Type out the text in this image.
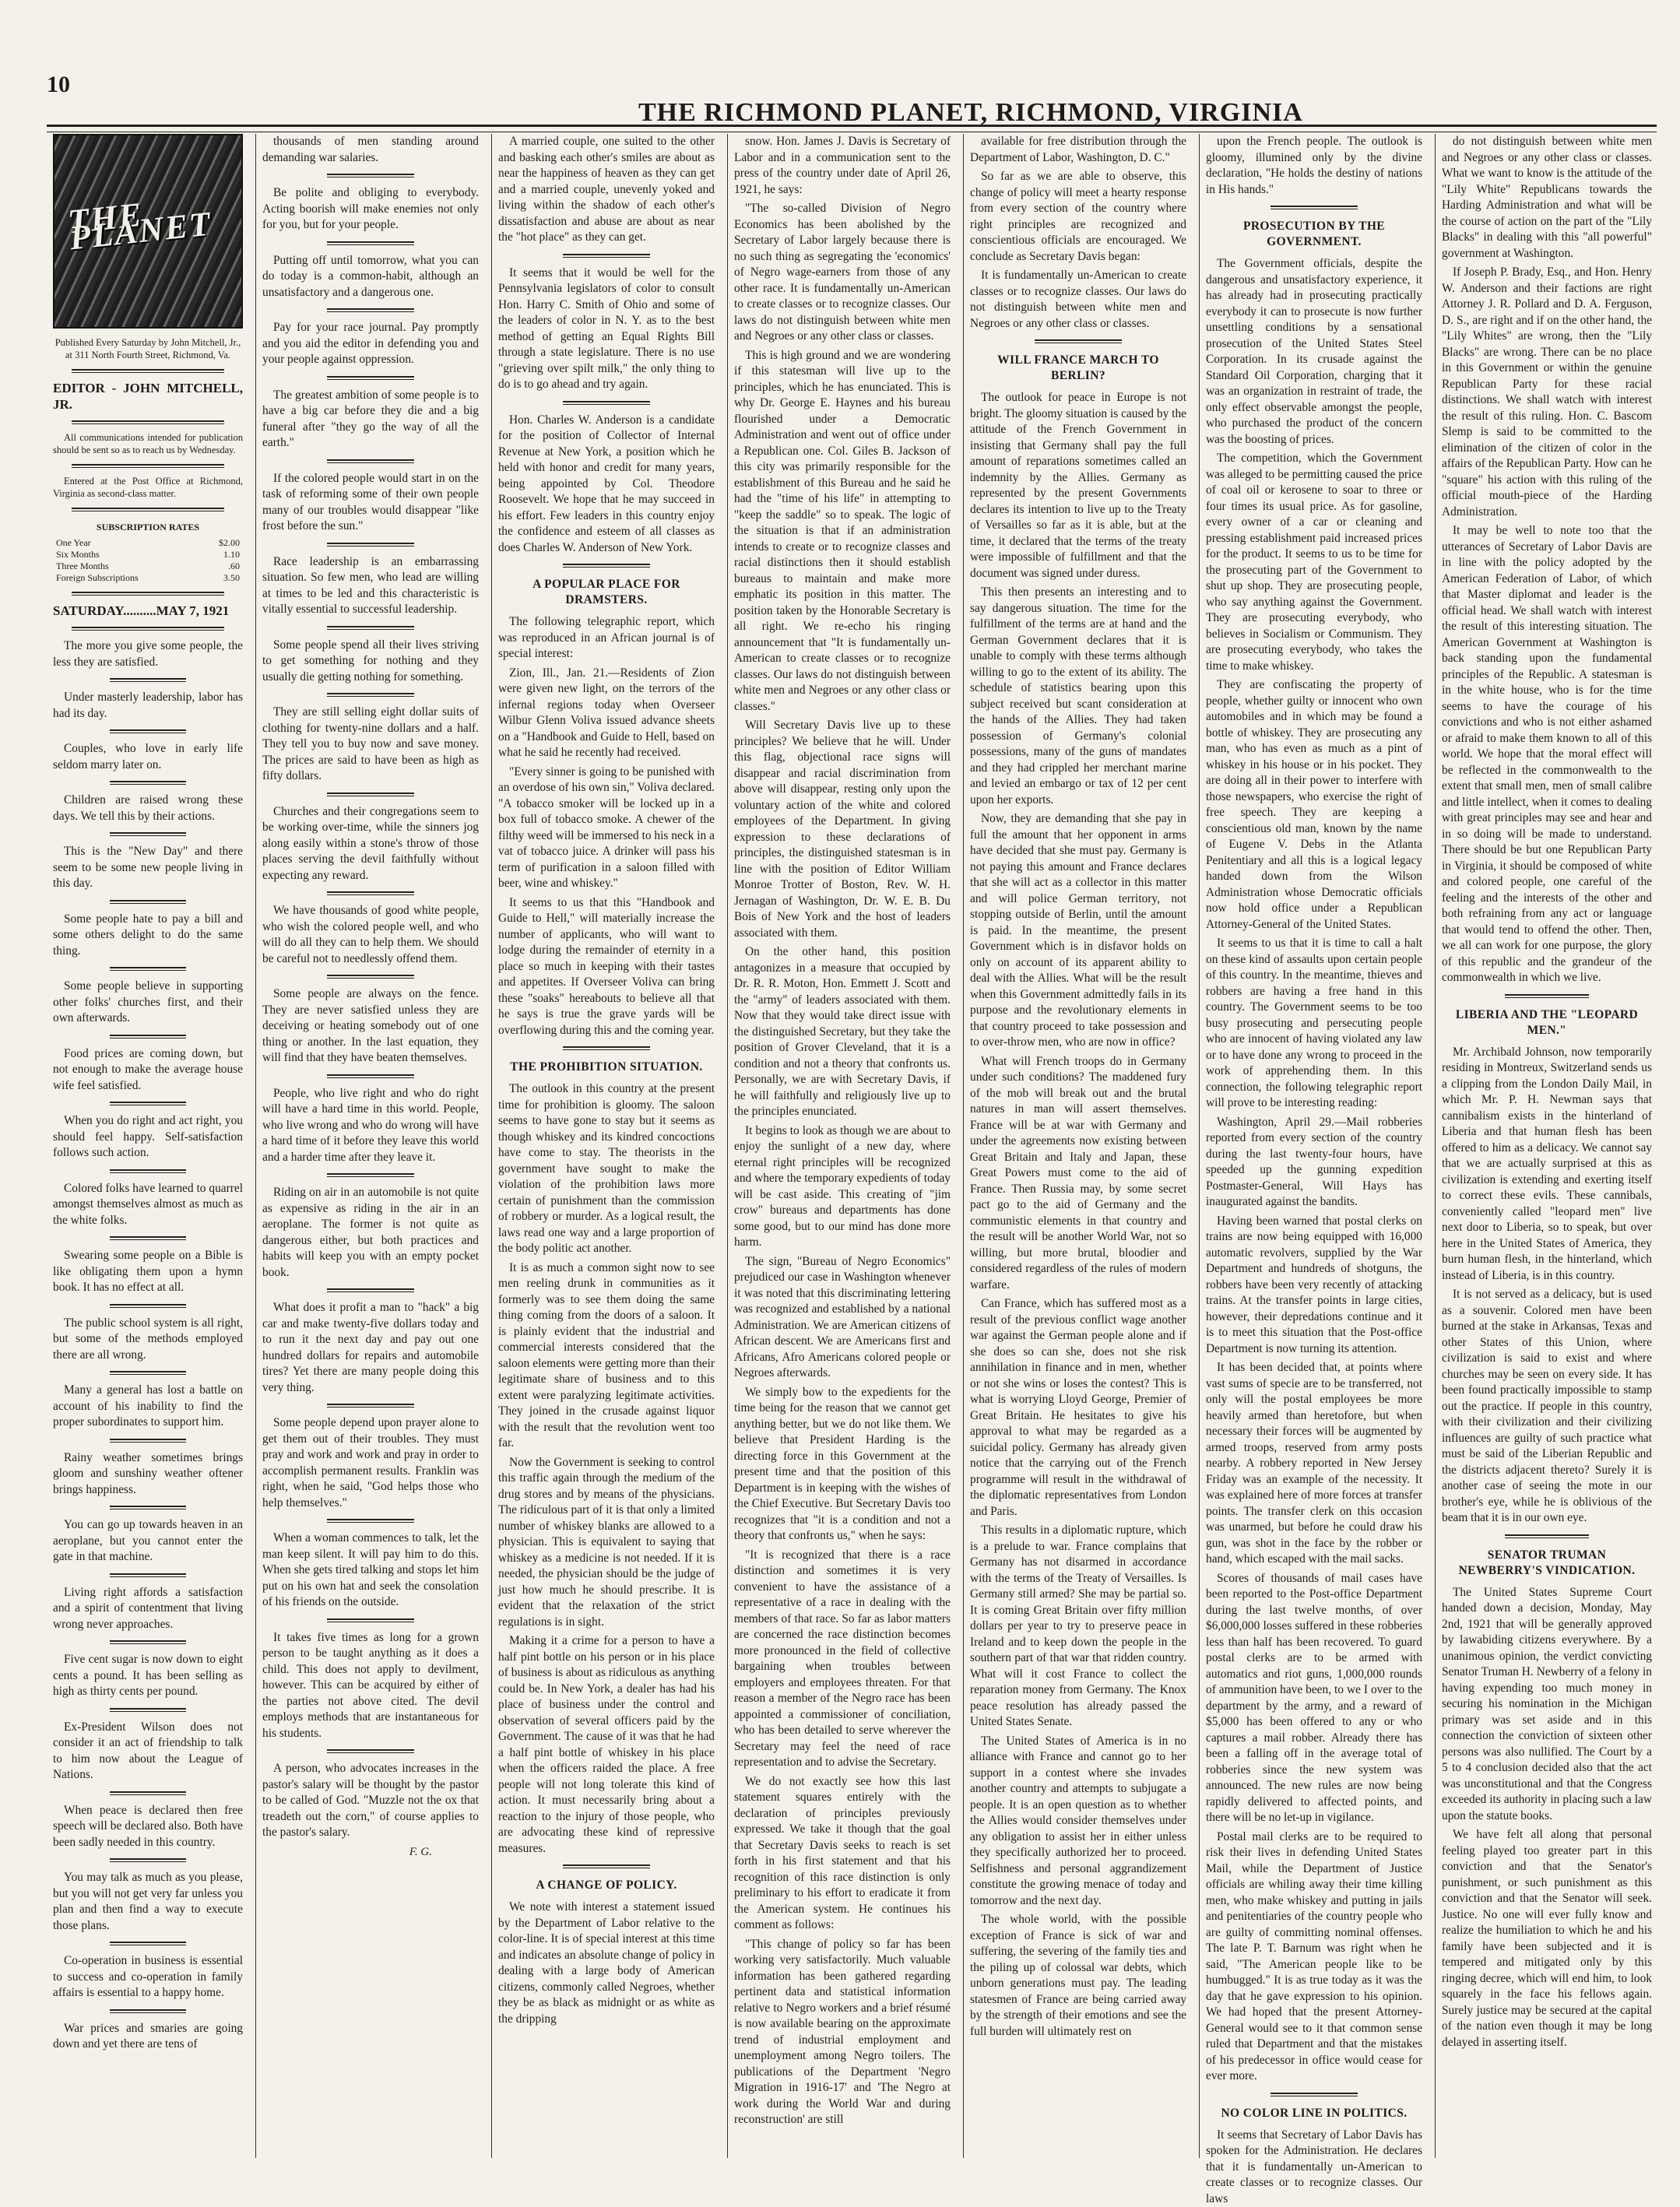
10
THE RICHMOND PLANET, RICHMOND, VIRGINIA
THE PLANET
Published Every Saturday by John Mitchell, Jr., at 311 North Fourth Street, Richmond, Va.
EDITOR - JOHN MITCHELL, JR.

All communications intended for publication should be sent so as to reach us by Wednesday.

Entered at the Post Office at Richmond, Virginia as second-class matter.

SUBSCRIPTION RATES
One Year	$2.00
Six Months	1.10
Three Months	.60
Foreign Subscriptions	3.50
SATURDAY..........MAY 7, 1921

The more you give some people, the less they are satisfied.

Under masterly leadership, labor has had its day.

Couples, who love in early life seldom marry later on.

Children are raised wrong these days. We tell this by their actions.

This is the "New Day" and there seem to be some new people living in this day.

Some people hate to pay a bill and some others delight to do the same thing.

Some people believe in supporting other folks' churches first, and their own afterwards.

Food prices are coming down, but not enough to make the average house wife feel satisfied.

When you do right and act right, you should feel happy. Self-satisfaction follows such action.

Colored folks have learned to quarrel amongst themselves almost as much as the white folks.

Swearing some people on a Bible is like obligating them upon a hymn book. It has no effect at all.

The public school system is all right, but some of the methods employed there are all wrong.

Many a general has lost a battle on account of his inability to find the proper subordinates to support him.

Rainy weather sometimes brings gloom and sunshiny weather oftener brings happiness.

You can go up towards heaven in an aeroplane, but you cannot enter the gate in that machine.

Living right affords a satisfaction and a spirit of contentment that living wrong never approaches.

Five cent sugar is now down to eight cents a pound. It has been selling as high as thirty cents per pound.

Ex-President Wilson does not consider it an act of friendship to talk to him now about the League of Nations.

When peace is declared then free speech will be declared also. Both have been sadly needed in this country.

You may talk as much as you please, but you will not get very far unless you plan and then find a way to execute those plans.

Co-operation in business is essential to success and co-operation in family affairs is essential to a happy home.

War prices and smaries are going down and yet there are tens of

thousands of men standing around demanding war salaries.

Be polite and obliging to everybody. Acting boorish will make enemies not only for you, but for your people.

Putting off until tomorrow, what you can do today is a common-habit, although an unsatisfactory and a dangerous one.

Pay for your race journal. Pay promptly and you aid the editor in defending you and your people against oppression.

The greatest ambition of some people is to have a big car before they die and a big funeral after "they go the way of all the earth."

If the colored people would start in on the task of reforming some of their own people many of our troubles would disappear "like frost before the sun."

Race leadership is an embarrassing situation. So few men, who lead are willing at times to be led and this characteristic is vitally essential to successful leadership.

Some people spend all their lives striving to get something for nothing and they usually die getting nothing for something.

They are still selling eight dollar suits of clothing for twenty-nine dollars and a half. They tell you to buy now and save money. The prices are said to have been as high as fifty dollars.

Churches and their congregations seem to be working over-time, while the sinners jog along easily within a stone's throw of those places serving the devil faithfully without expecting any reward.

We have thousands of good white people, who wish the colored people well, and who will do all they can to help them. We should be careful not to needlessly offend them.

Some people are always on the fence. They are never satisfied unless they are deceiving or heating somebody out of one thing or another. In the last equation, they will find that they have beaten themselves.

People, who live right and who do right will have a hard time in this world. People, who live wrong and who do wrong will have a hard time of it before they leave this world and a harder time after they leave it.

Riding on air in an automobile is not quite as expensive as riding in the air in an aeroplane. The former is not quite as dangerous either, but both practices and habits will keep you with an empty pocket book.

What does it profit a man to "hack" a big car and make twenty-five dollars today and to run it the next day and pay out one hundred dollars for repairs and automobile tires? Yet there are many people doing this very thing.

Some people depend upon prayer alone to get them out of their troubles. They must pray and work and work and pray in order to accomplish permanent results. Franklin was right, when he said, "God helps those who help themselves."

When a woman commences to talk, let the man keep silent. It will pay him to do this. When she gets tired talking and stops let him put on his own hat and seek the consolation of his friends on the outside.

It takes five times as long for a grown person to be taught anything as it does a child. This does not apply to devilment, however. This can be acquired by either of the parties not above cited. The devil employs methods that are instantaneous for his students.

A person, who advocates increases in the pastor's salary will be thought by the pastor to be called of God. "Muzzle not the ox that treadeth out the corn," of course applies to the pastor's salary.

F. G.

A married couple, one suited to the other and basking each other's smiles are about as near the happiness of heaven as they can get and a married couple, unevenly yoked and living within the shadow of each other's dissatisfaction and abuse are about as near the "hot place" as they can get.

It seems that it would be well for the Pennsylvania legislators of color to consult Hon. Harry C. Smith of Ohio and some of the leaders of color in N. Y. as to the best method of getting an Equal Rights Bill through a state legislature. There is no use "grieving over spilt milk," the only thing to do is to go ahead and try again.

Hon. Charles W. Anderson is a candidate for the position of Collector of Internal Revenue at New York, a position which he held with honor and credit for many years, being appointed by Col. Theodore Roosevelt. We hope that he may succeed in his effort. Few leaders in this country enjoy the confidence and esteem of all classes as does Charles W. Anderson of New York.

A POPULAR PLACE FOR DRAMSTERS.

The following telegraphic report, which was reproduced in an African journal is of special interest:

Zion, Ill., Jan. 21.—Residents of Zion were given new light, on the terrors of the infernal regions today when Overseer Wilbur Glenn Voliva issued advance sheets on a "Handbook and Guide to Hell, based on what he said he recently had received.

"Every sinner is going to be punished with an overdose of his own sin," Voliva declared. "A tobacco smoker will be locked up in a box full of tobacco smoke. A chewer of the filthy weed will be immersed to his neck in a vat of tobacco juice. A drinker will pass his term of purification in a saloon filled with beer, wine and whiskey."

It seems to us that this "Handbook and Guide to Hell," will materially increase the number of applicants, who will want to lodge during the remainder of eternity in a place so much in keeping with their tastes and appetites. If Overseer Voliva can bring these "soaks" hereabouts to believe all that he says is true the grave yards will be overflowing during this and the coming year.

THE PROHIBITION SITUATION.

The outlook in this country at the present time for prohibition is gloomy. The saloon seems to have gone to stay but it seems as though whiskey and its kindred concoctions have come to stay. The theorists in the government have sought to make the violation of the prohibition laws more certain of punishment than the commission of robbery or murder. As a logical result, the laws read one way and a large proportion of the body politic act another.

It is as much a common sight now to see men reeling drunk in communities as it formerly was to see them doing the same thing coming from the doors of a saloon. It is plainly evident that the industrial and commercial interests considered that the saloon elements were getting more than their legitimate share of business and to this extent were paralyzing legitimate activities. They joined in the crusade against liquor with the result that the revolution went too far.

Now the Government is seeking to control this traffic again through the medium of the drug stores and by means of the physicians. The ridiculous part of it is that only a limited number of whiskey blanks are allowed to a physician. This is equivalent to saying that whiskey as a medicine is not needed. If it is needed, the physician should be the judge of just how much he should prescribe. It is evident that the relaxation of the strict regulations is in sight.

Making it a crime for a person to have a half pint bottle on his person or in his place of business is about as ridiculous as anything could be. In New York, a dealer has had his place of business under the control and observation of several officers paid by the Government. The cause of it was that he had a half pint bottle of whiskey in his place when the officers raided the place. A free people will not long tolerate this kind of action. It must necessarily bring about a reaction to the injury of those people, who are advocating these kind of repressive measures.

A CHANGE OF POLICY.

We note with interest a statement issued by the Department of Labor relative to the color-line. It is of special interest at this time and indicates an absolute change of policy in dealing with a large body of American citizens, commonly called Negroes, whether they be as black as midnight or as white as the dripping

snow. Hon. James J. Davis is Secretary of Labor and in a communication sent to the press of the country under date of April 26, 1921, he says:

"The so-called Division of Negro Economics has been abolished by the Secretary of Labor largely because there is no such thing as segregating the 'economics' of Negro wage-earners from those of any other race. It is fundamentally un-American to create classes or to recognize classes. Our laws do not distinguish between white men and Negroes or any other class or classes.

This is high ground and we are wondering if this statesman will live up to the principles, which he has enunciated. This is why Dr. George E. Haynes and his bureau flourished under a Democratic Administration and went out of office under a Republican one. Col. Giles B. Jackson of this city was primarily responsible for the establishment of this Bureau and he said he had the "time of his life" in attempting to "keep the saddle" so to speak. The logic of the situation is that if an administration intends to create or to recognize classes and racial distinctions then it should establish bureaus to maintain and make more emphatic its position in this matter. The position taken by the Honorable Secretary is all right. We re-echo his ringing announcement that "It is fundamentally un-American to create classes or to recognize classes. Our laws do not distinguish between white men and Negroes or any other class or classes."

Will Secretary Davis live up to these principles? We believe that he will. Under this flag, objectional race signs will disappear and racial discrimination from above will disappear, resting only upon the voluntary action of the white and colored employees of the Department. In giving expression to these declarations of principles, the distinguished statesman is in line with the position of Editor William Monroe Trotter of Boston, Rev. W. H. Jernagan of Washington, Dr. W. E. B. Du Bois of New York and the host of leaders associated with them.

On the other hand, this position antagonizes in a measure that occupied by Dr. R. R. Moton, Hon. Emmett J. Scott and the "army" of leaders associated with them. Now that they would take direct issue with the distinguished Secretary, but they take the position of Grover Cleveland, that it is a condition and not a theory that confronts us. Personally, we are with Secretary Davis, if he will faithfully and religiously live up to the principles enunciated.

It begins to look as though we are about to enjoy the sunlight of a new day, where eternal right principles will be recognized and where the temporary expedients of today will be cast aside. This creating of "jim crow" bureaus and departments has done some good, but to our mind has done more harm.

The sign, "Bureau of Negro Economics" prejudiced our case in Washington whenever it was noted that this discriminating lettering was recognized and established by a national Administration. We are American citizens of African descent. We are Americans first and Africans, Afro Americans colored people or Negroes afterwards.

We simply bow to the expedients for the time being for the reason that we cannot get anything better, but we do not like them. We believe that President Harding is the directing force in this Government at the present time and that the position of this Department is in keeping with the wishes of the Chief Executive. But Secretary Davis too recognizes that "it is a condition and not a theory that confronts us," when he says:

"It is recognized that there is a race distinction and sometimes it is very convenient to have the assistance of a representative of a race in dealing with the members of that race. So far as labor matters are concerned the race distinction becomes more pronounced in the field of collective bargaining when troubles between employers and employees threaten. For that reason a member of the Negro race has been appointed a commissioner of conciliation, who has been detailed to serve wherever the Secretary may feel the need of race representation and to advise the Secretary.

We do not exactly see how this last statement squares entirely with the declaration of principles previously expressed. We take it though that the goal that Secretary Davis seeks to reach is set forth in his first statement and that his recognition of this race distinction is only preliminary to his effort to eradicate it from the American system. He continues his comment as follows:

"This change of policy so far has been working very satisfactorily. Much valuable information has been gathered regarding pertinent data and statistical information relative to Negro workers and a brief résumé is now available bearing on the approximate trend of industrial employment and unemployment among Negro toilers. The publications of the Department 'Negro Migration in 1916-17' and 'The Negro at work during the World War and during reconstruction' are still

available for free distribution through the Department of Labor, Washington, D. C."

So far as we are able to observe, this change of policy will meet a hearty response from every section of the country where right principles are recognized and conscientious officials are encouraged. We conclude as Secretary Davis began:

It is fundamentally un-American to create classes or to recognize classes. Our laws do not distinguish between white men and Negroes or any other class or classes.

WILL FRANCE MARCH TO BERLIN?

The outlook for peace in Europe is not bright. The gloomy situation is caused by the attitude of the French Government in insisting that Germany shall pay the full amount of reparations sometimes called an indemnity by the Allies. Germany as represented by the present Governments declares its intention to live up to the Treaty of Versailles so far as it is able, but at the time, it declared that the terms of the treaty were impossible of fulfillment and that the document was signed under duress.

This then presents an interesting and to say dangerous situation. The time for the fulfillment of the terms are at hand and the German Government declares that it is unable to comply with these terms although willing to go to the extent of its ability. The schedule of statistics bearing upon this subject received but scant consideration at the hands of the Allies. They had taken possession of Germany's colonial possessions, many of the guns of mandates and they had crippled her merchant marine and levied an embargo or tax of 12 per cent upon her exports.

Now, they are demanding that she pay in full the amount that her opponent in arms have decided that she must pay. Germany is not paying this amount and France declares that she will act as a collector in this matter and will police German territory, not stopping outside of Berlin, until the amount is paid. In the meantime, the present Government which is in disfavor holds on only on account of its apparent ability to deal with the Allies. What will be the result when this Government admittedly fails in its purpose and the revolutionary elements in that country proceed to take possession and to over-throw men, who are now in office?

What will French troops do in Germany under such conditions? The maddened fury of the mob will break out and the brutal natures in man will assert themselves. France will be at war with Germany and under the agreements now existing between Great Britain and Italy and Japan, these Great Powers must come to the aid of France. Then Russia may, by some secret pact go to the aid of Germany and the communistic elements in that country and the result will be another World War, not so willing, but more brutal, bloodier and considered regardless of the rules of modern warfare.

Can France, which has suffered most as a result of the previous conflict wage another war against the German people alone and if she does so can she, does not she risk annihilation in finance and in men, whether or not she wins or loses the contest? This is what is worrying Lloyd George, Premier of Great Britain. He hesitates to give his approval to what may be regarded as a suicidal policy. Germany has already given notice that the carrying out of the French programme will result in the withdrawal of the diplomatic representatives from London and Paris.

This results in a diplomatic rupture, which is a prelude to war. France complains that Germany has not disarmed in accordance with the terms of the Treaty of Versailles. Is Germany still armed? She may be partial so. It is coming Great Britain over fifty million dollars per year to try to preserve peace in Ireland and to keep down the people in the southern part of that war that ridden country. What will it cost France to collect the reparation money from Germany. The Knox peace resolution has already passed the United States Senate.

The United States of America is in no alliance with France and cannot go to her support in a contest where she invades another country and attempts to subjugate a people. It is an open question as to whether the Allies would consider themselves under any obligation to assist her in either unless they specifically authorized her to proceed. Selfishness and personal aggrandizement constitute the growing menace of today and tomorrow and the next day.

The whole world, with the possible exception of France is sick of war and suffering, the severing of the family ties and the piling up of colossal war debts, which unborn generations must pay. The leading statesmen of France are being carried away by the strength of their emotions and see the full burden will ultimately rest on

upon the French people. The outlook is gloomy, illumined only by the divine declaration, "He holds the destiny of nations in His hands."

PROSECUTION BY THE GOVERNMENT.

The Government officials, despite the dangerous and unsatisfactory experience, it has already had in prosecuting practically everybody it can to prosecute is now further unsettling conditions by a sensational prosecution of the United States Steel Corporation. In its crusade against the Standard Oil Corporation, charging that it was an organization in restraint of trade, the only effect observable amongst the people, who purchased the product of the concern was the boosting of prices.

The competition, which the Government was alleged to be permitting caused the price of coal oil or kerosene to soar to three or four times its usual price. As for gasoline, every owner of a car or cleaning and pressing establishment paid increased prices for the product. It seems to us to be time for the prosecuting part of the Government to shut up shop. They are prosecuting people, who say anything against the Government. They are prosecuting everybody, who believes in Socialism or Communism. They are prosecuting everybody, who takes the time to make whiskey.

They are confiscating the property of people, whether guilty or innocent who own automobiles and in which may be found a bottle of whiskey. They are prosecuting any man, who has even as much as a pint of whiskey in his house or in his pocket. They are doing all in their power to interfere with those newspapers, who exercise the right of free speech. They are keeping a conscientious old man, known by the name of Eugene V. Debs in the Atlanta Penitentiary and all this is a logical legacy handed down from the Wilson Administration whose Democratic officials now hold office under a Republican Attorney-General of the United States.

It seems to us that it is time to call a halt on these kind of assaults upon certain people of this country. In the meantime, thieves and robbers are having a free hand in this country. The Government seems to be too busy prosecuting and persecuting people who are innocent of having violated any law or to have done any wrong to proceed in the work of apprehending them. In this connection, the following telegraphic report will prove to be interesting reading:

Washington, April 29.—Mail robberies reported from every section of the country during the last twenty-four hours, have speeded up the gunning expedition Postmaster-General, Will Hays has inaugurated against the bandits.

Having been warned that postal clerks on trains are now being equipped with 16,000 automatic revolvers, supplied by the War Department and hundreds of shotguns, the robbers have been very recently of attacking trains. At the transfer points in large cities, however, their depredations continue and it is to meet this situation that the Post-office Department is now turning its attention.

It has been decided that, at points where vast sums of specie are to be transferred, not only will the postal employees be more heavily armed than heretofore, but when necessary their forces will be augmented by armed troops, reserved from army posts nearby. A robbery reported in New Jersey Friday was an example of the necessity. It was explained here of more forces at transfer points. The transfer clerk on this occasion was unarmed, but before he could draw his gun, was shot in the face by the robber or hand, which escaped with the mail sacks.

Scores of thousands of mail cases have been reported to the Post-office Department during the last twelve months, of over $6,000,000 losses suffered in these robberies less than half has been recovered. To guard postal clerks are to be armed with automatics and riot guns, 1,000,000 rounds of ammunition have been, to we I over to the department by the army, and a reward of $5,000 has been offered to any or who captures a mail robber. Already there has been a falling off in the average total of robberies since the new system was announced. The new rules are now being rapidly delivered to affected points, and there will be no let-up in vigilance.

Postal mail clerks are to be required to risk their lives in defending United States Mail, while the Department of Justice officials are whiling away their time killing men, who make whiskey and putting in jails and penitentiaries of the country people who are guilty of committing nominal offenses. The late P. T. Barnum was right when he said, "The American people like to be humbugged." It is as true today as it was the day that he gave expression to his opinion. We had hoped that the present Attorney-General would see to it that common sense ruled that Department and that the mistakes of his predecessor in office would cease for ever more.

NO COLOR LINE IN POLITICS.

It seems that Secretary of Labor Davis has spoken for the Administration. He declares that it is fundamentally un-American to create classes or to recognize classes. Our laws

do not distinguish between white men and Negroes or any other class or classes. What we want to know is the attitude of the "Lily White" Republicans towards the Harding Administration and what will be the course of action on the part of the "Lily Blacks" in dealing with this "all powerful" government at Washington.

If Joseph P. Brady, Esq., and Hon. Henry W. Anderson and their factions are right Attorney J. R. Pollard and D. A. Ferguson, D. S., are right and if on the other hand, the "Lily Whites" are wrong, then the "Lily Blacks" are wrong. There can be no place in this Government or within the genuine Republican Party for these racial distinctions. We shall watch with interest the result of this ruling. Hon. C. Bascom Slemp is said to be committed to the elimination of the citizen of color in the affairs of the Republican Party. How can he "square" his action with this ruling of the official mouth-piece of the Harding Administration.

It may be well to note too that the utterances of Secretary of Labor Davis are in line with the policy adopted by the American Federation of Labor, of which that Master diplomat and leader is the official head. We shall watch with interest the result of this interesting situation. The American Government at Washington is back standing upon the fundamental principles of the Republic. A statesman is in the white house, who is for the time seems to have the courage of his convictions and who is not either ashamed or afraid to make them known to all of this world. We hope that the moral effect will be reflected in the commonwealth to the extent that small men, men of small calibre and little intellect, when it comes to dealing with great principles may see and hear and in so doing will be made to understand. There should be but one Republican Party in Virginia, it should be composed of white and colored people, one careful of the feeling and the interests of the other and both refraining from any act or language that would tend to offend the other. Then, we all can work for one purpose, the glory of this republic and the grandeur of the commonwealth in which we live.

LIBERIA AND THE "LEOPARD MEN."

Mr. Archibald Johnson, now temporarily residing in Montreux, Switzerland sends us a clipping from the London Daily Mail, in which Mr. P. H. Newman says that cannibalism exists in the hinterland of Liberia and that human flesh has been offered to him as a delicacy. We cannot say that we are actually surprised at this as civilization is extending and exerting itself to correct these evils. These cannibals, conveniently called "leopard men" live next door to Liberia, so to speak, but over here in the United States of America, they burn human flesh, in the hinterland, which instead of Liberia, is in this country.

It is not served as a delicacy, but is used as a souvenir. Colored men have been burned at the stake in Arkansas, Texas and other States of this Union, where civilization is said to exist and where churches may be seen on every side. It has been found practically impossible to stamp out the practice. If people in this country, with their civilization and their civilizing influences are guilty of such practice what must be said of the Liberian Republic and the districts adjacent thereto? Surely it is another case of seeing the mote in our brother's eye, while he is oblivious of the beam that it is in our own eye.

SENATOR TRUMAN NEWBERRY'S VINDICATION.

The United States Supreme Court handed down a decision, Monday, May 2nd, 1921 that will be generally approved by lawabiding citizens everywhere. By a unanimous opinion, the verdict convicting Senator Truman H. Newberry of a felony in having expending too much money in securing his nomination in the Michigan primary was set aside and in this connection the conviction of sixteen other persons was also nullified. The Court by a 5 to 4 conclusion decided also that the act was unconstitutional and that the Congress exceeded its authority in placing such a law upon the statute books.

We have felt all along that personal feeling played too greater part in this conviction and that the Senator's punishment, or such punishment as this conviction and that the Senator will seek. Justice. No one will ever fully know and realize the humiliation to which he and his family have been subjected and it is tempered and mitigated only by this ringing decree, which will end him, to look squarely in the face his fellows again. Surely justice may be secured at the capital of the nation even though it may be long delayed in asserting itself.
